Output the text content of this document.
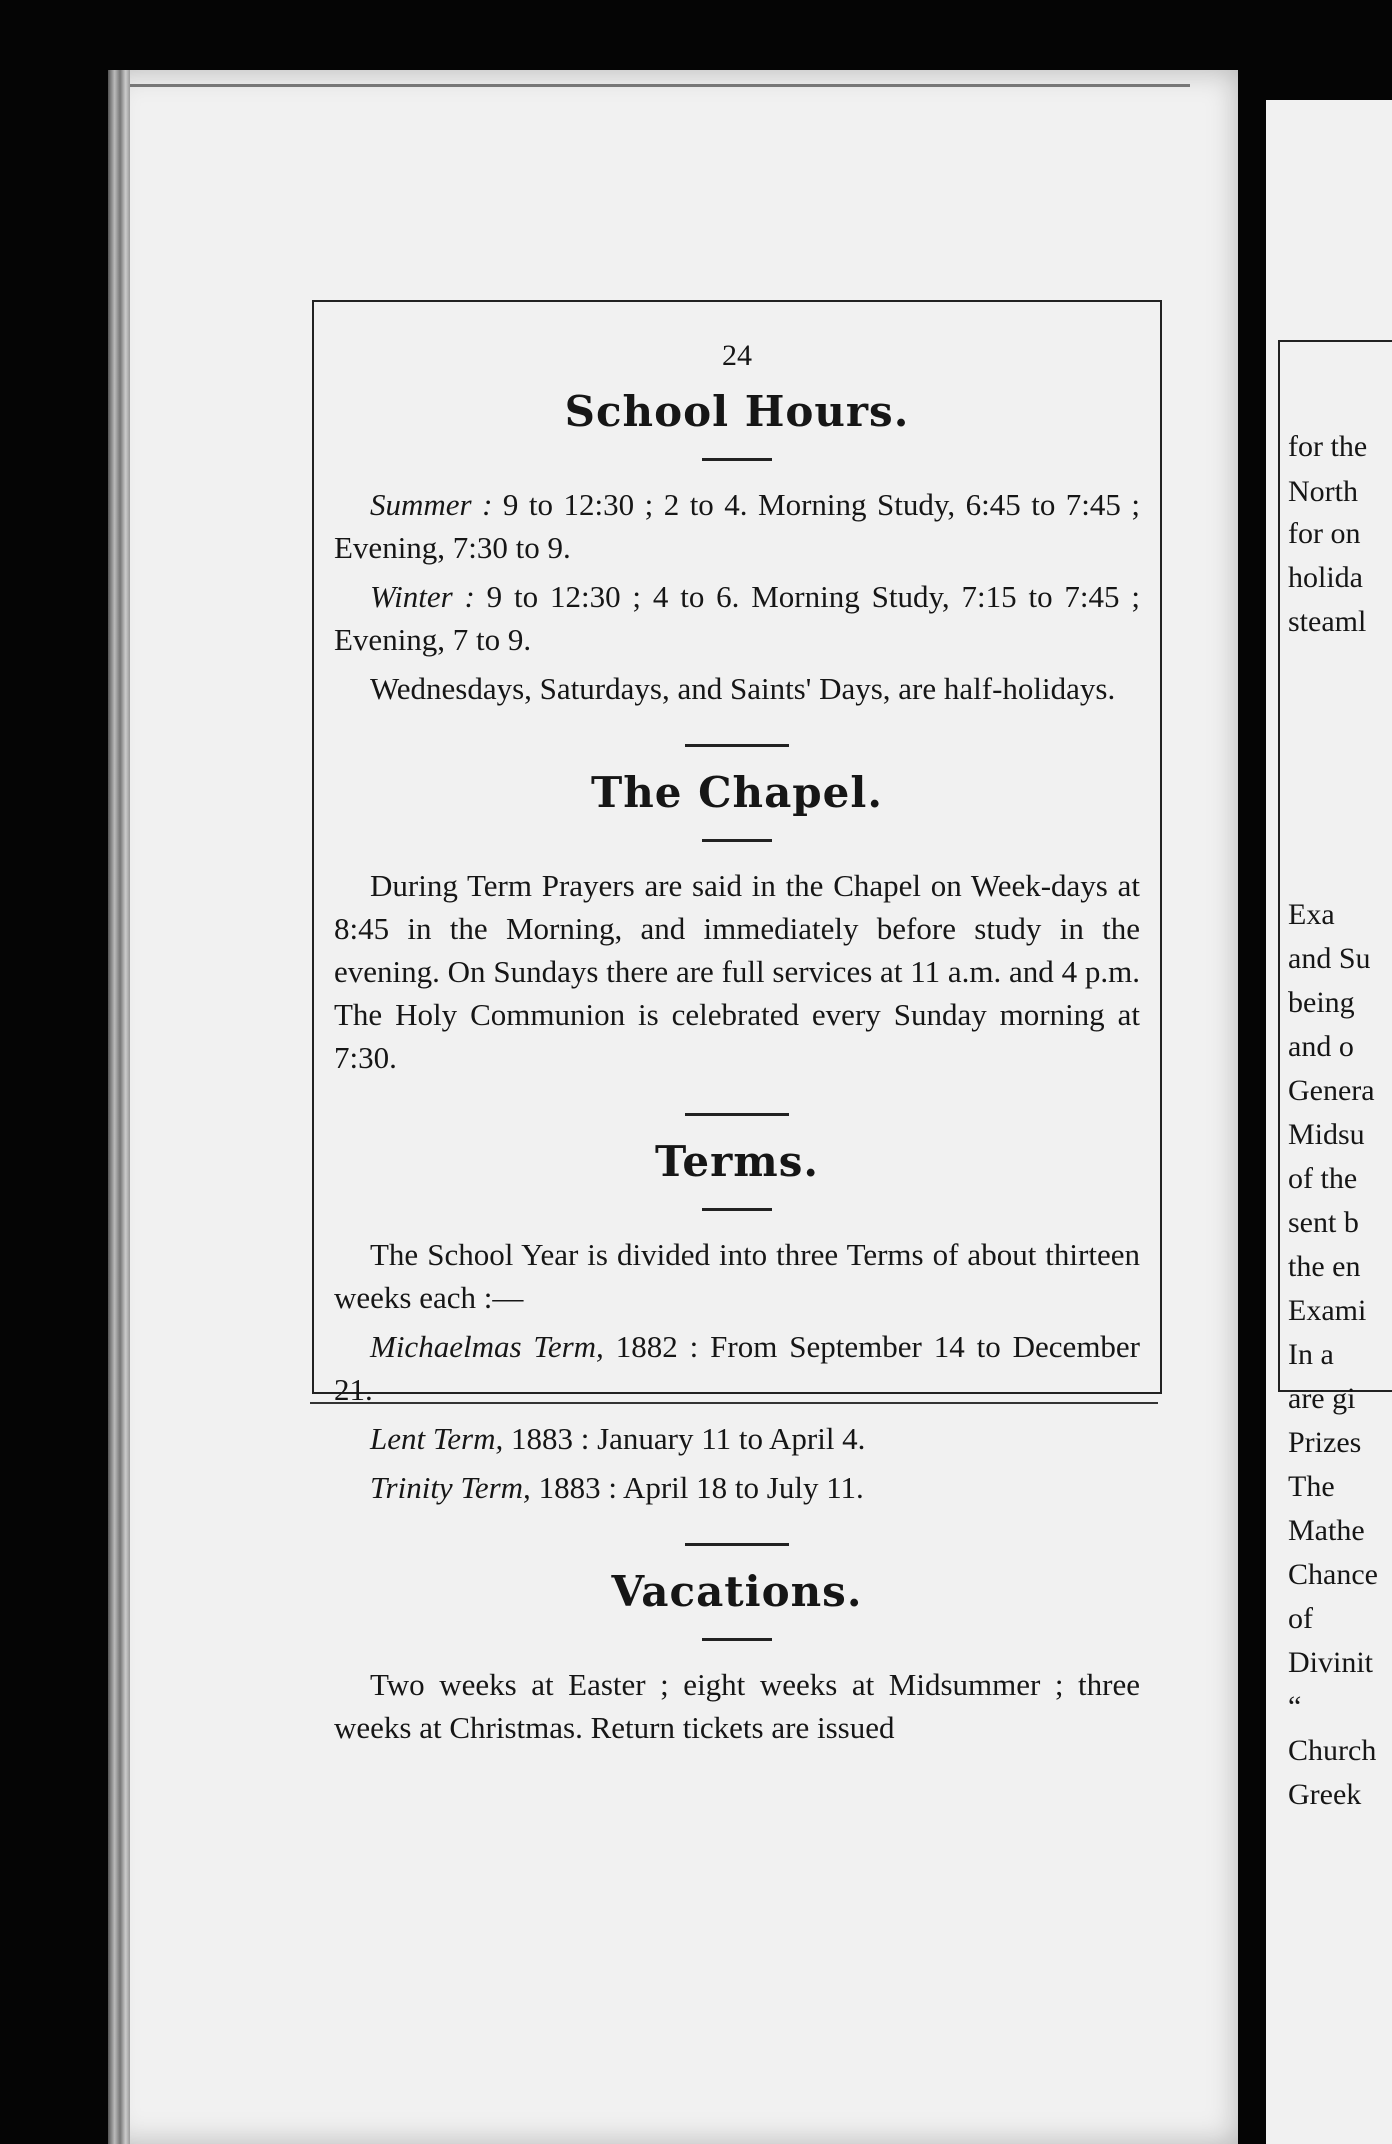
24
School Hours.

Summer : 9 to 12:30 ; 2 to 4. Morning Study, 6:45 to 7:45 ; Evening, 7:30 to 9.

Winter : 9 to 12:30 ; 4 to 6. Morning Study, 7:15 to 7:45 ; Evening, 7 to 9.

Wednesdays, Saturdays, and Saints' Days, are half-holidays.

The Chapel.

During Term Prayers are said in the Chapel on Week-days at 8:45 in the Morning, and immediately before study in the evening. On Sundays there are full services at 11 a.m. and 4 p.m. The Holy Communion is celebrated every Sunday morning at 7:30.

Terms.

The School Year is divided into three Terms of about thirteen weeks each :—

Michaelmas Term, 1882 : From September 14 to December 21.

Lent Term, 1883 : January 11 to April 4.

Trinity Term, 1883 : April 18 to July 11.

Vacations.

Two weeks at Easter ; eight weeks at Midsummer ; three weeks at Christmas. Return tickets are issued

for the
North
for on
holida
steaml
Exa
and Su
being
and o
Genera
Midsu
of the
sent b
the en
Exami
In a
are gi
Prizes
The
Mathe
Chance
of
Divinit
“
Church
Greek
